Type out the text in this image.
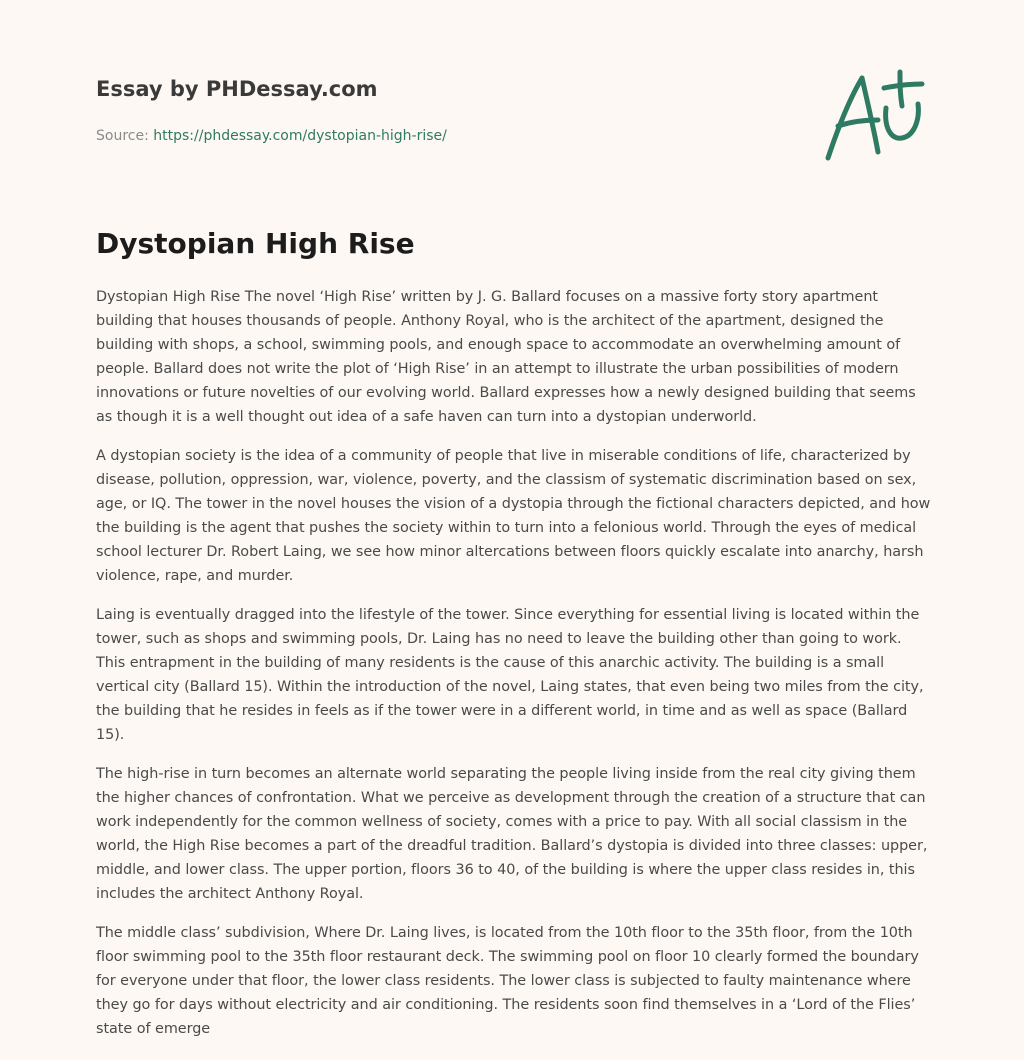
Essay by PHDessay.com
Source: https://phdessay.com/dystopian-high-rise/
Dystopian High Rise

Dystopian High Rise The novel ‘High Rise’ written by J. G. Ballard focuses on a massive forty story apartment building that houses thousands of people. Anthony Royal, who is the architect of the apartment, designed the building with shops, a school, swimming pools, and enough space to accommodate an overwhelming amount of people. Ballard does not write the plot of ‘High Rise’ in an attempt to illustrate the urban possibilities of modern innovations or future novelties of our evolving world. Ballard expresses how a newly designed building that seems as though it is a well thought out idea of a safe haven can turn into a dystopian underworld.

A dystopian society is the idea of a community of people that live in miserable conditions of life, characterized by disease, pollution, oppression, war, violence, poverty, and the classism of systematic discrimination based on sex, age, or IQ. The tower in the novel houses the vision of a dystopia through the fictional characters depicted, and how the building is the agent that pushes the society within to turn into a felonious world. Through the eyes of medical school lecturer Dr. Robert Laing, we see how minor altercations between floors quickly escalate into anarchy, harsh violence, rape, and murder.

Laing is eventually dragged into the lifestyle of the tower. Since everything for essential living is located within the tower, such as shops and swimming pools, Dr. Laing has no need to leave the building other than going to work. This entrapment in the building of many residents is the cause of this anarchic activity. The building is a small vertical city (Ballard 15). Within the introduction of the novel, Laing states, that even being two miles from the city, the building that he resides in feels as if the tower were in a different world, in time and as well as space (Ballard 15).

The high-rise in turn becomes an alternate world separating the people living inside from the real city giving them the higher chances of confrontation. What we perceive as development through the creation of a structure that can work independently for the common wellness of society, comes with a price to pay. With all social classism in the world, the High Rise becomes a part of the dreadful tradition. Ballard’s dystopia is divided into three classes: upper, middle, and lower class. The upper portion, floors 36 to 40, of the building is where the upper class resides in, this includes the architect Anthony Royal.

The middle class’ subdivision, Where Dr. Laing lives, is located from the 10th floor to the 35th floor, from the 10th floor swimming pool to the 35th floor restaurant deck. The swimming pool on floor 10 clearly formed the boundary for everyone under that floor, the lower class residents. The lower class is subjected to faulty maintenance where they go for days without electricity and air conditioning. The residents soon find themselves in a ‘Lord of the Flies’ state of emerge
